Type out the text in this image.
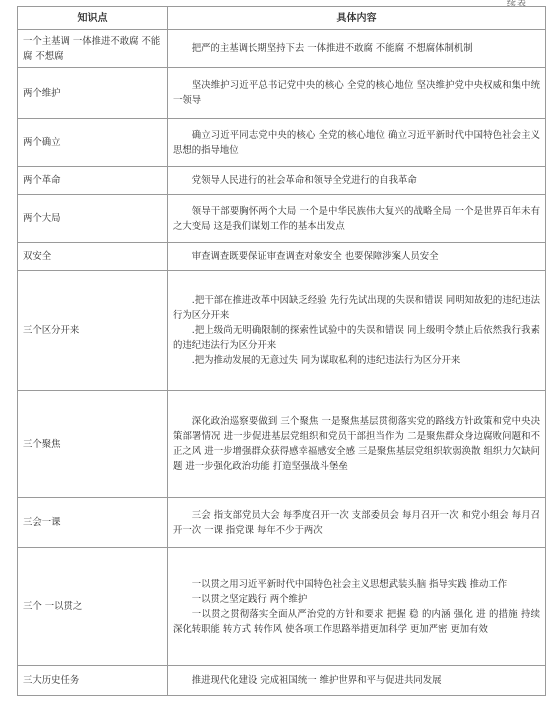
续表
知识点	具体内容
一个主基调 一体推进不敢腐 不能腐 不想腐	把严的主基调长期坚持下去 一体推进不敢腐 不能腐 不想腐体制机制

两个维护	坚决维护习近平总书记党中央的核心 全党的核心地位 坚决维护党中央权威和集中统一领导

两个确立	确立习近平同志党中央的核心 全党的核心地位 确立习近平新时代中国特色社会主义思想的指导地位

两个革命	党领导人民进行的社会革命和领导全党进行的自我革命

两个大局	领导干部要胸怀两个大局 一个是中华民族伟大复兴的战略全局 一个是世界百年未有之大变局 这是我们谋划工作的基本出发点

双安全	审查调查既要保证审查调查对象安全 也要保障涉案人员安全

三个区分开来	.把干部在推进改革中因缺乏经验 先行先试出现的失误和错误 同明知故犯的违纪违法行为区分开来
.把上级尚无明确限制的探索性试验中的失误和错误 同上级明令禁止后依然我行我素的违纪违法行为区分开来
.把为推动发展的无意过失 同为谋取私利的违纪违法行为区分开来

三个聚焦	深化政治巡察要做到 三个聚焦 一是聚焦基层贯彻落实党的路线方针政策和党中央决策部署情况 进一步促进基层党组织和党员干部担当作为 二是聚焦群众身边腐败问题和不正之风 进一步增强群众获得感幸福感安全感 三是聚焦基层党组织软弱涣散 组织力欠缺问题 进一步强化政治功能 打造坚强战斗堡垒

三会一课	三会 指支部党员大会 每季度召开一次 支部委员会 每月召开一次 和党小组会 每月召开一次 一课 指党课 每年不少于两次

三个 一以贯之	一以贯之用习近平新时代中国特色社会主义思想武装头脑 指导实践 推动工作
一以贯之坚定践行 两个维护
一以贯之贯彻落实全面从严治党的方针和要求 把握 稳 的内涵 强化 进 的措施 持续深化转职能 转方式 转作风 使各项工作思路举措更加科学 更加严密 更加有效

三大历史任务	推进现代化建设 完成祖国统一 维护世界和平与促进共同发展
